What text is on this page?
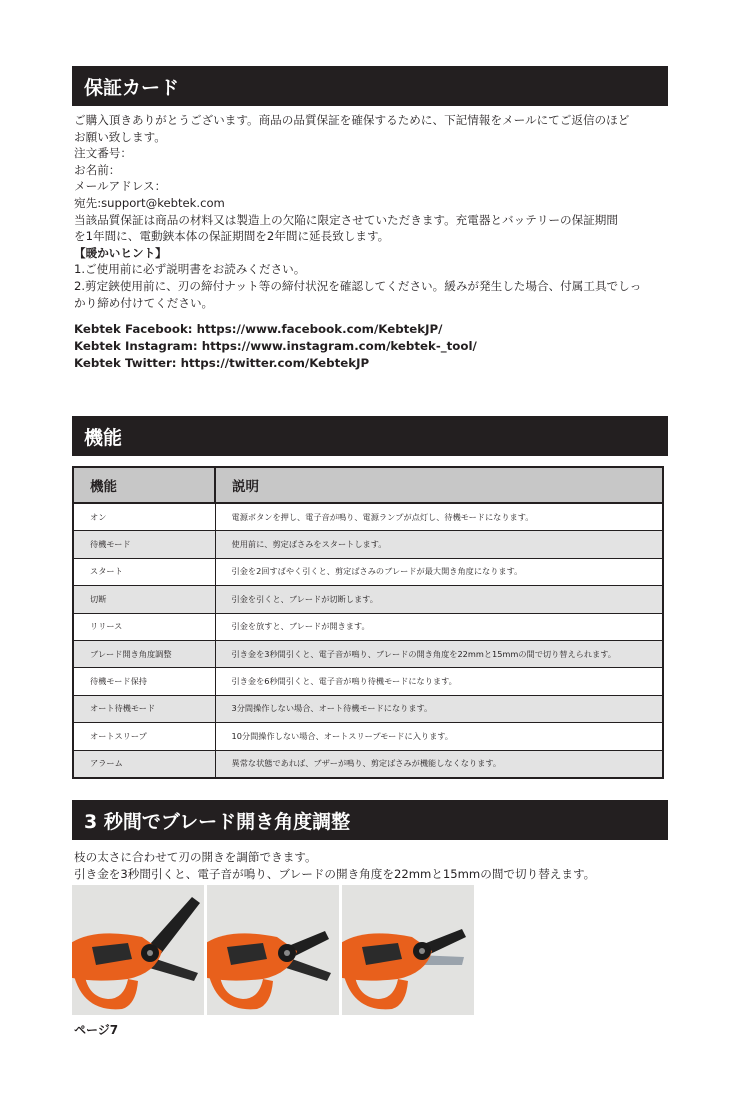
保証カード

ご購入頂きありがとうございます。商品の品質保証を確保するために、下記情報をメールにてご返信のほど

お願い致します。

注文番号：

お名前：

メールアドレス：

宛先:support@kebtek.com

当該品質保証は商品の材料又は製造上の欠陥に限定させていただきます。充電器とバッテリーの保証期間

を1年間に、電動鋏本体の保証期間を2年間に延長致します。

【暖かいヒント】

1.ご使用前に必ず説明書をお読みください。

2.剪定鋏使用前に、刃の締付ナット等の締付状況を確認してください。緩みが発生した場合、付属工具でしっ

かり締め付けてください。

Kebtek Facebook: https://www.facebook.com/KebtekJP/

Kebtek Instagram: https://www.instagram.com/kebtek-_tool/

Kebtek Twitter: https://twitter.com/KebtekJP

機能
機能	説明
オン	電源ボタンを押し、電子音が鳴り、電源ランプが点灯し、待機モードになります。
待機モード	使用前に、剪定ばさみをスタートします。
スタート	引金を2回すばやく引くと、剪定ばさみのブレードが最大開き角度になります。
切断	引金を引くと、ブレードが切断します。
リリース	引金を放すと、ブレードが開きます。
ブレード開き角度調整	引き金を3秒間引くと、電子音が鳴り、ブレードの開き角度を22mmと15mmの間で切り替えられます。
待機モード保持	引き金を6秒間引くと、電子音が鳴り待機モードになります。
オート待機モード	3分間操作しない場合、オート待機モードになります。
オートスリープ	10分間操作しない場合、オートスリープモードに入ります。
アラーム	異常な状態であれば、ブザーが鳴り、剪定ばさみが機能しなくなります。
3 秒間でブレード開き角度調整

枝の太さに合わせて刃の開きを調節できます。

引き金を3秒間引くと、電子音が鳴り、ブレードの開き角度を22mmと15mmの間で切り替えます。

ページ7
